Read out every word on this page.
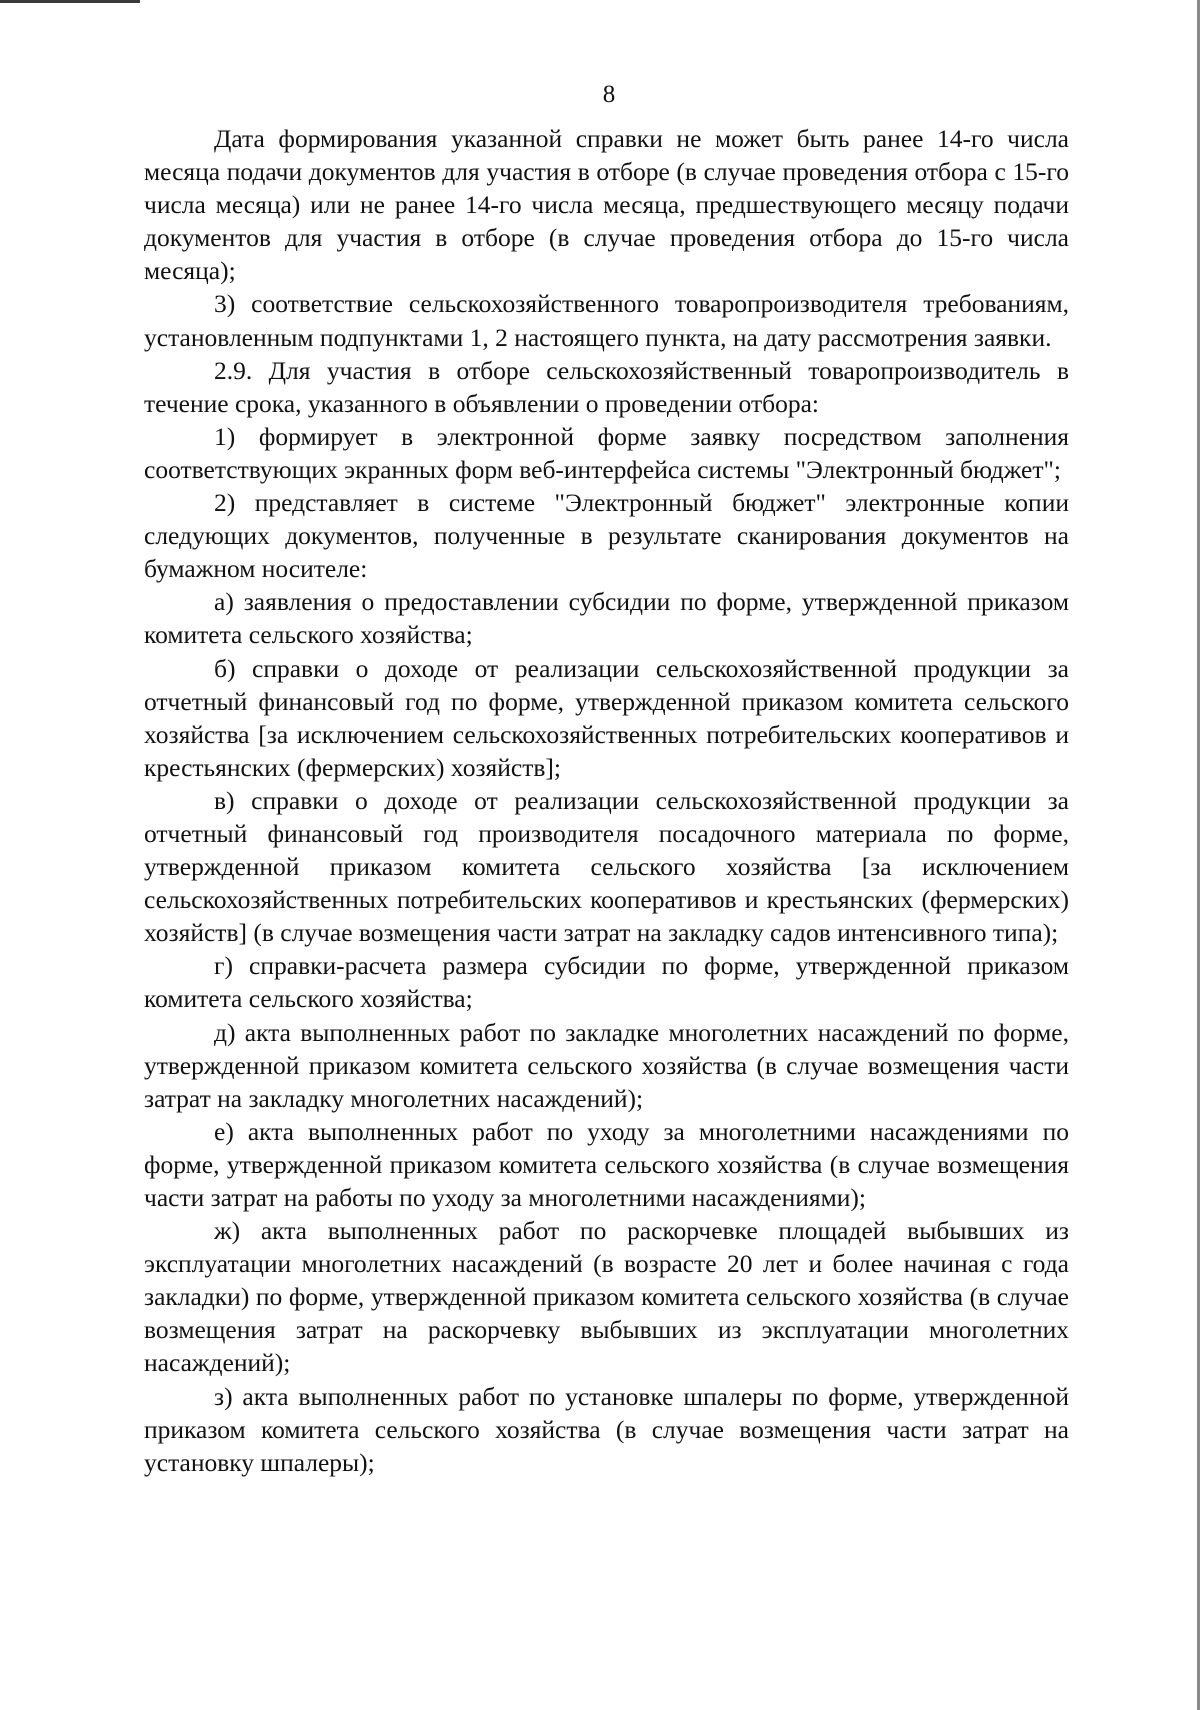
8

Дата формирования указанной справки не может быть ранее 14-го числа месяца подачи документов для участия в отборе (в случае проведения отбора с 15-го числа месяца) или не ранее 14-го числа месяца, предшествующего месяцу подачи документов для участия в отборе (в случае проведения отбора до 15-го числа месяца);

3) соответствие сельскохозяйственного товаропроизводителя требованиям, установленным подпунктами 1, 2 настоящего пункта, на дату рассмотрения заявки.

2.9. Для участия в отборе сельскохозяйственный товаропроизводитель в течение срока, указанного в объявлении о проведении отбора:

1) формирует в электронной форме заявку посредством заполнения соответствующих экранных форм веб-интерфейса системы "Электронный бюджет";

2) представляет в системе "Электронный бюджет" электронные копии следующих документов, полученные в результате сканирования документов на бумажном носителе:

а) заявления о предоставлении субсидии по форме, утвержденной приказом комитета сельского хозяйства;

б) справки о доходе от реализации сельскохозяйственной продукции за отчетный финансовый год по форме, утвержденной приказом комитета сельского хозяйства [за исключением сельскохозяйственных потребительских кооперативов и крестьянских (фермерских) хозяйств];

в) справки о доходе от реализации сельскохозяйственной продукции за отчетный финансовый год производителя посадочного материала по форме, утвержденной приказом комитета сельского хозяйства [за исключением сельскохозяйственных потребительских кооперативов и крестьянских (фермерских) хозяйств] (в случае возмещения части затрат на закладку садов интенсивного типа);

г) справки-расчета размера субсидии по форме, утвержденной приказом комитета сельского хозяйства;

д) акта выполненных работ по закладке многолетних насаждений по форме, утвержденной приказом комитета сельского хозяйства (в случае возмещения части затрат на закладку многолетних насаждений);

е) акта выполненных работ по уходу за многолетними насаждениями по форме, утвержденной приказом комитета сельского хозяйства (в случае возмещения части затрат на работы по уходу за многолетними насаждениями);

ж) акта выполненных работ по раскорчевке площадей выбывших из эксплуатации многолетних насаждений (в возрасте 20 лет и более начиная с года закладки) по форме, утвержденной приказом комитета сельского хозяйства (в случае возмещения затрат на раскорчевку выбывших из эксплуатации многолетних насаждений);

з) акта выполненных работ по установке шпалеры по форме, утвержденной приказом комитета сельского хозяйства (в случае возмещения части затрат на установку шпалеры);
